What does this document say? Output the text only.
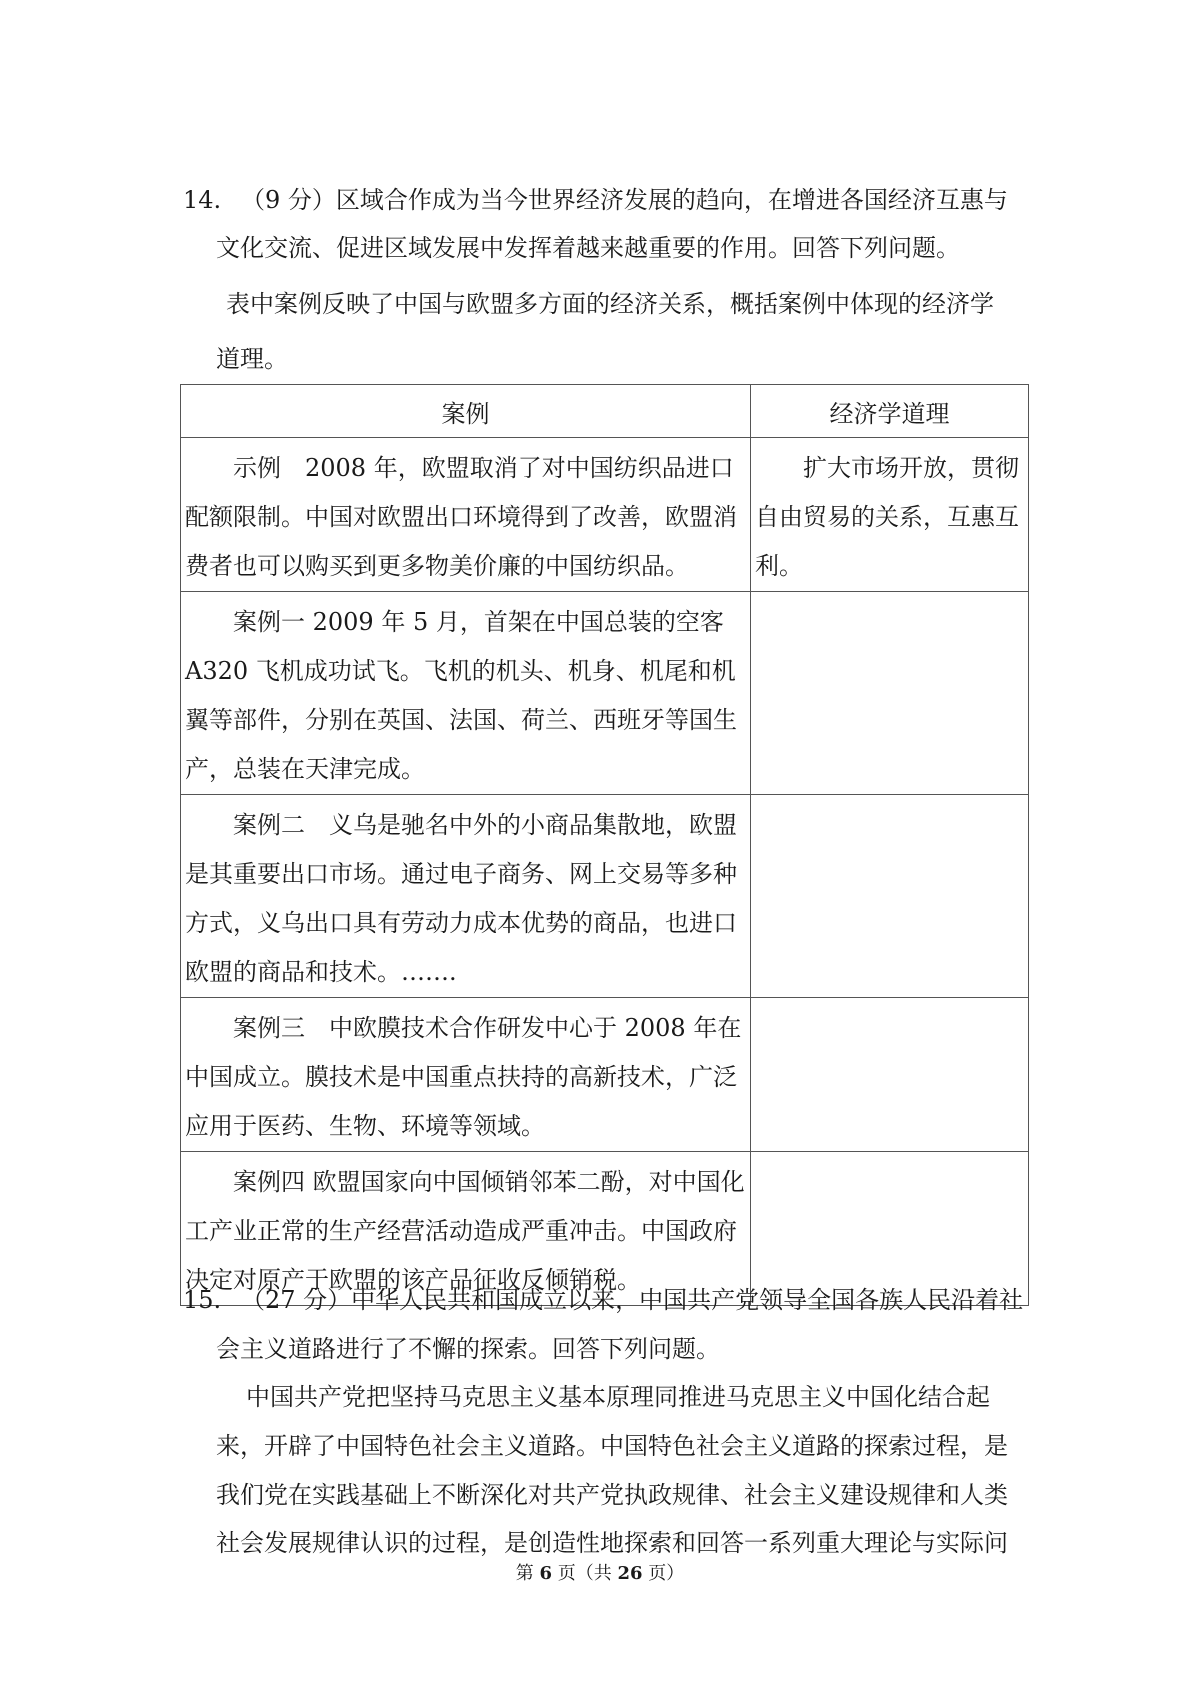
14. （9 分）区域合作成为当今世界经济发展的趋向，在增进各国经济互惠与
文化交流、促进区域发展中发挥着越来越重要的作用。回答下列问题。
表中案例反映了中国与欧盟多方面的经济关系，概括案例中体现的经济学
道理。
案例	经济学道理

示例　2008 年，欧盟取消了对中国纺织品进口配额限制。中国对欧盟出口环境得到了改善，欧盟消费者也可以购买到更多物美价廉的中国纺织品。	扩大市场开放，贯彻自由贸易的关系，互惠互利。

案例一 2009 年 5 月，首架在中国总装的空客 A320 飞机成功试飞。飞机的机头、机身、机尾和机翼等部件，分别在英国、法国、荷兰、西班牙等国生产，总装在天津完成。	

案例二　义乌是驰名中外的小商品集散地，欧盟是其重要出口市场。通过电子商务、网上交易等多种方式，义乌出口具有劳动力成本优势的商品，也进口欧盟的商品和技术。…….	

案例三　中欧膜技术合作研发中心于 2008 年在中国成立。膜技术是中国重点扶持的高新技术，广泛应用于医药、生物、环境等领域。	

案例四 欧盟国家向中国倾销邻苯二酚，对中国化工产业正常的生产经营活动造成严重冲击。中国政府决定对原产于欧盟的该产品征收反倾销税。	

15. （27 分）中华人民共和国成立以来，中国共产党领导全国各族人民沿着社
会主义道路进行了不懈的探索。回答下列问题。
中国共产党把坚持马克思主义基本原理同推进马克思主义中国化结合起
来，开辟了中国特色社会主义道路。中国特色社会主义道路的探索过程，是
我们党在实践基础上不断深化对共产党执政规律、社会主义建设规律和人类
社会发展规律认识的过程，是创造性地探索和回答一系列重大理论与实际问
第 6 页（共 26 页）
